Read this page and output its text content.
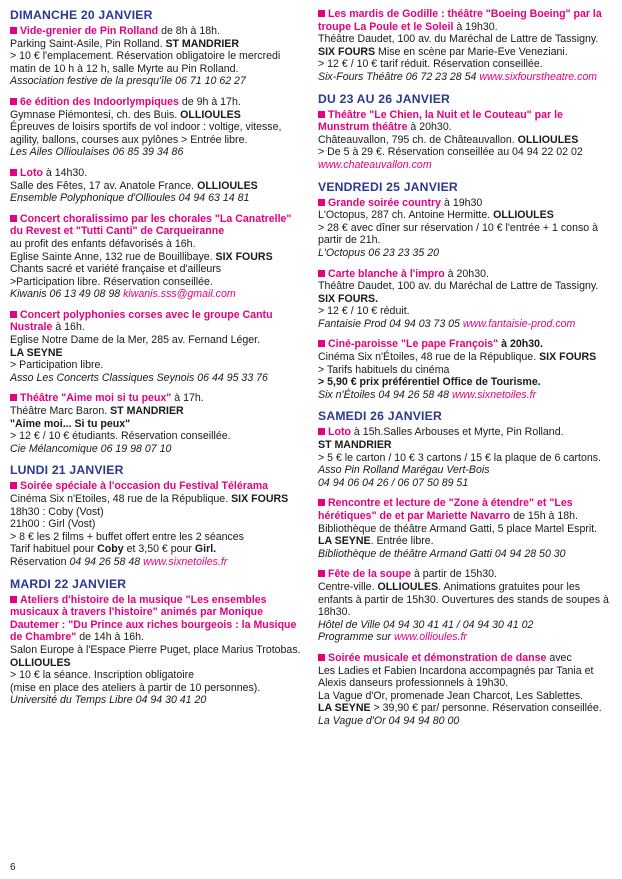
DIMANCHE 20 JANVIER
Vide-grenier de Pin Rolland de 8h à 18h.
Parking Saint-Asile, Pin Rolland. ST MANDRIER
> 10 € l'emplacement. Réservation obligatoire le mercredi matin de 10 h à 12 h, salle Myrte au Pin Rolland.
Association festive de la presqu'île 06 71 10 62 27
6e édition des Indoorlympiques de 9h à 17h.
Gymnase Piémontesi, ch. des Buis. OLLIOULES
Épreuves de loisirs sportifs de vol indoor : voltige, vitesse, agility, ballons, courses aux pylônes > Entrée libre.
Les Ailes Ollioulaises 06 85 39 34 86
Loto à 14h30.
Salle des Fêtes, 17 av. Anatole France. OLLIOULES
Ensemble Polyphonique d'Ollioules 04 94 63 14 81
Concert choralissimo par les chorales "La Canatrelle" du Revest et "Tutti Canti" de Carqueiranne
au profit des enfants défavorisés à 16h.
Eglise Sainte Anne, 132 rue de Bouillibaye. SIX FOURS
Chants sacré et variété française et d'ailleurs
>Participation libre. Réservation conseillée.
Kiwanis 06 13 49 08 98 kiwanis.sss@gmail.com
Concert polyphonies corses avec le groupe Cantu Nustrale à 16h.
Eglise Notre Dame de la Mer, 285 av. Fernand Léger.
LA SEYNE
> Participation libre.
Asso Les Concerts Classiques Seynois 06 44 95 33 76
Théâtre "Aime moi si tu peux" à 17h.
Théâtre Marc Baron. ST MANDRIER
"Aime moi... Si tu peux"
> 12 € / 10 € étudiants. Réservation conseillée.
Cie Mélancomique 06 19 98 07 10
LUNDI 21 JANVIER
Soirée spéciale à l'occasion du Festival Télérama
Cinéma Six n'Etoiles, 48 rue de la République. SIX FOURS
18h30 : Coby (Vost)
21h00 : Girl (Vost)
> 8 € les 2 films + buffet offert entre les 2 séances
Tarif habituel pour Coby et 3,50 € pour Girl.
Réservation 04 94 26 58 48 www.sixnetoiles.fr
MARDI 22 JANVIER
Ateliers d'histoire de la musique "Les ensembles musicaux à travers l'histoire" animés par Monique Dautemer : "Du Prince aux riches bourgeois : la Musique de Chambre" de 14h à 16h.
Salon Europe à l'Espace Pierre Puget, place Marius Trotobas. OLLIOULES
> 10 € la séance. Inscription obligatoire
(mise en place des ateliers à partir de 10 personnes).
Université du Temps Libre 04 94 30 41 20
Les mardis de Godille : théâtre "Boeing Boeing" par la troupe La Poule et le Soleil à 19h30.
Théâtre Daudet, 100 av. du Maréchal de Lattre de Tassigny.
SIX FOURS Mise en scène par Marie-Eve Veneziani.
> 12 € / 10 € tarif réduit. Réservation conseillée.
Six-Fours Théâtre 06 72 23 28 54 www.sixfourstheatre.com
DU 23 AU 26 JANVIER
Théâtre "Le Chien, la Nuit et le Couteau" par le Munstrum théâtre à 20h30.
Châteauvallon, 795 ch. de Châteauvallon. OLLIOULES
> De 5 à 29 €. Réservation conseillée au 04 94 22 02 02
www.chateauvallon.com
VENDREDI 25 JANVIER
Grande soirée country à 19h30
L'Octopus, 287 ch. Antoine Hermitte. OLLIOULES
> 28 € avec dîner sur réservation / 10 € l'entrée + 1 conso à partir de 21h.
L'Octopus 06 23 23 35 20
Carte blanche à l'impro à 20h30.
Théâtre Daudet, 100 av. du Maréchal de Lattre de Tassigny.
SIX FOURS.
> 12 € / 10 € réduit.
Fantaisie Prod 04 94 03 73 05 www.fantaisie-prod.com
Ciné-paroisse "Le pape François" à 20h30.
Cinéma Six n'Étoiles, 48 rue de la République. SIX FOURS
> Tarifs habituels du cinéma
> 5,90 € prix préférentiel Office de Tourisme.
Six n'Étoiles 04 94 26 58 48 www.sixnetoiles.fr
SAMEDI 26 JANVIER
Loto à 15h.Salles Arbouses et Myrte, Pin Rolland.
ST MANDRIER
> 5 € le carton / 10 € 3 cartons / 15 € la plaque de 6 cartons. Asso Pin Rolland Marégau Vert-Bois
04 94 06 04 26 / 06 07 50 89 51
Rencontre et lecture de "Zone à étendre" et "Les hérétiques" de et par Mariette Navarro de 15h à 18h.
Bibliothèque de théâtre Armand Gatti, 5 place Martel Esprit.
LA SEYNE. Entrée libre.
Bibliothèque de théâtre Armand Gatti 04 94 28 50 30
Fête de la soupe à partir de 15h30.
Centre-ville. OLLIOULES. Animations gratuites pour les enfants à partir de 15h30. Ouvertures des stands de soupes à 18h30.
Hôtel de Ville 04 94 30 41 41 / 04 94 30 41 02
Programme sur www.ollioules.fr
Soirée musicale et démonstration de danse avec
Les Ladies et Fabien Incardona accompagnés par Tania et Alexis danseurs professionnels à 19h30.
La Vague d'Or, promenade Jean Charcot, Les Sablettes.
LA SEYNE > 39,90 € par/ personne. Réservation conseillée.
La Vague d'Or 04 94 94 80 00
6
